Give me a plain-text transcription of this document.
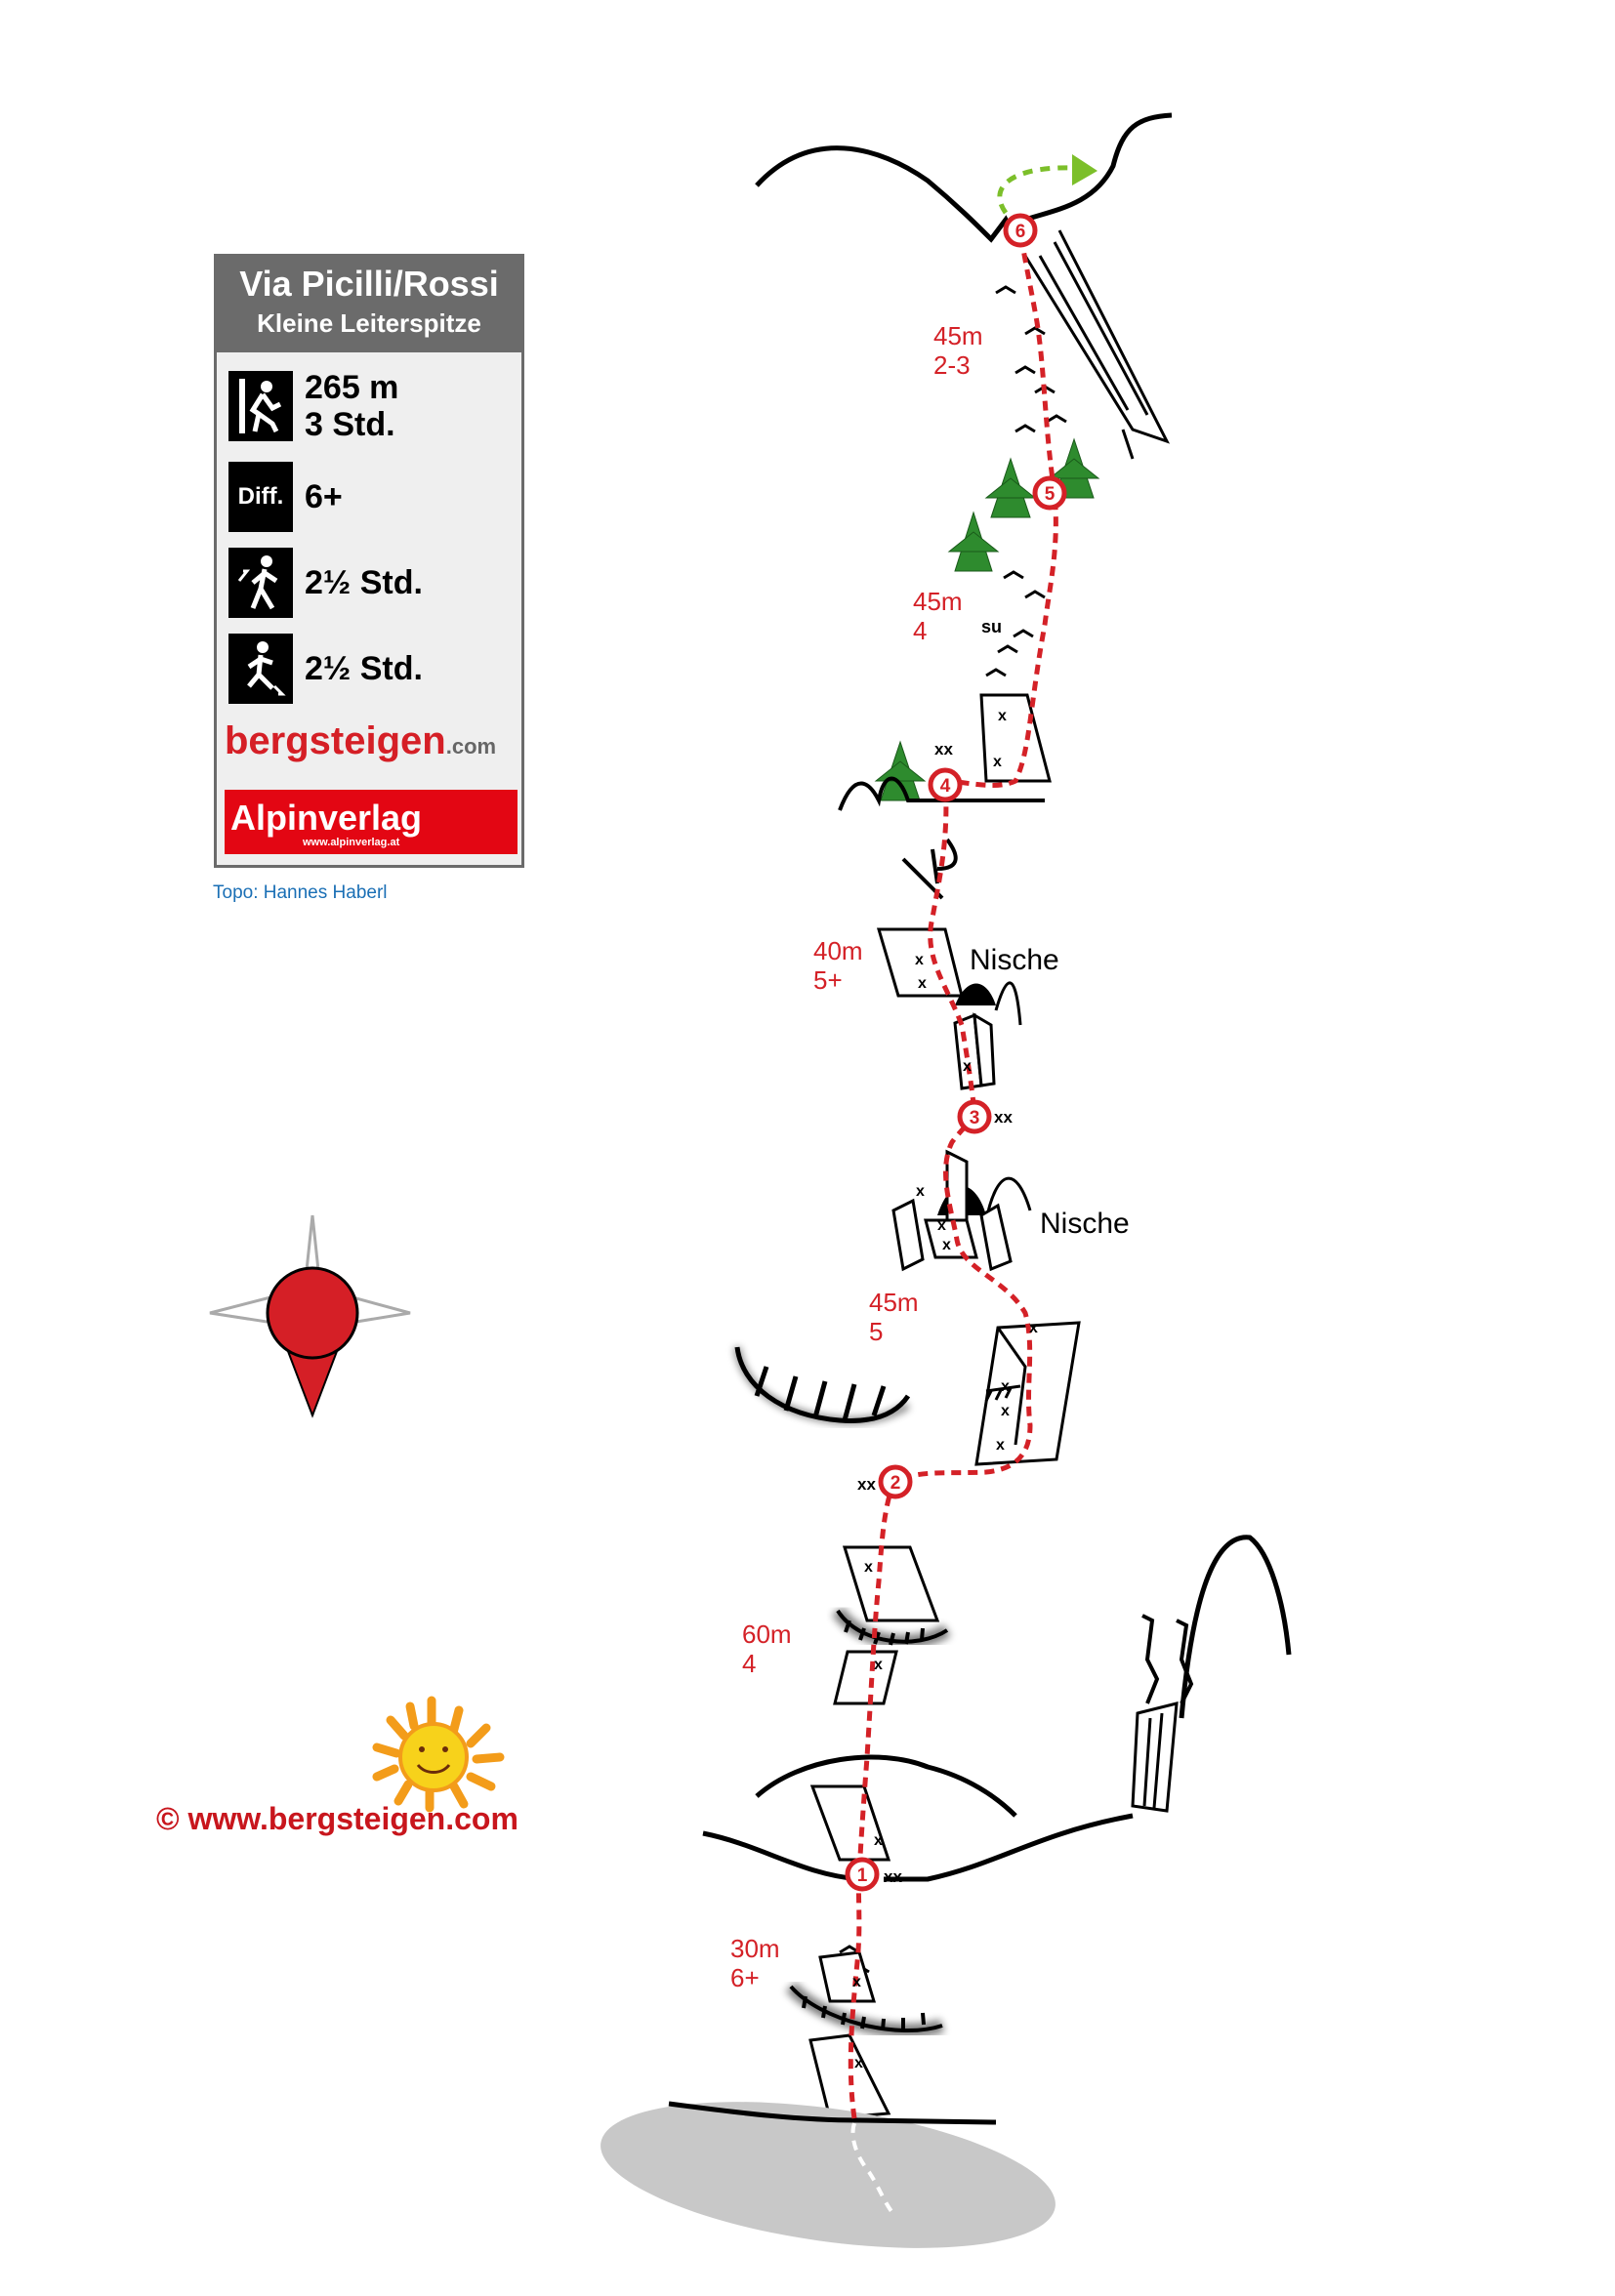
1
2
3
4
5
6
30m
6+
60m
4
45m
5
40m
5+
45m
4
45m
2-3
Nische
Nische
xx
xx
xx
xx
x
x
x
x
x
x
x
x
x
x
x
x
x
x
x
x
x
su
Via Picilli/Rossi
Kleine Leiterspitze
265 m
3 Std.
Diff. 6+
2½ Std.
2½ Std.
bergsteigen.com
Alpinverlag
www.alpinverlag.at
Topo: Hannes Haberl
© www.bergsteigen.com
